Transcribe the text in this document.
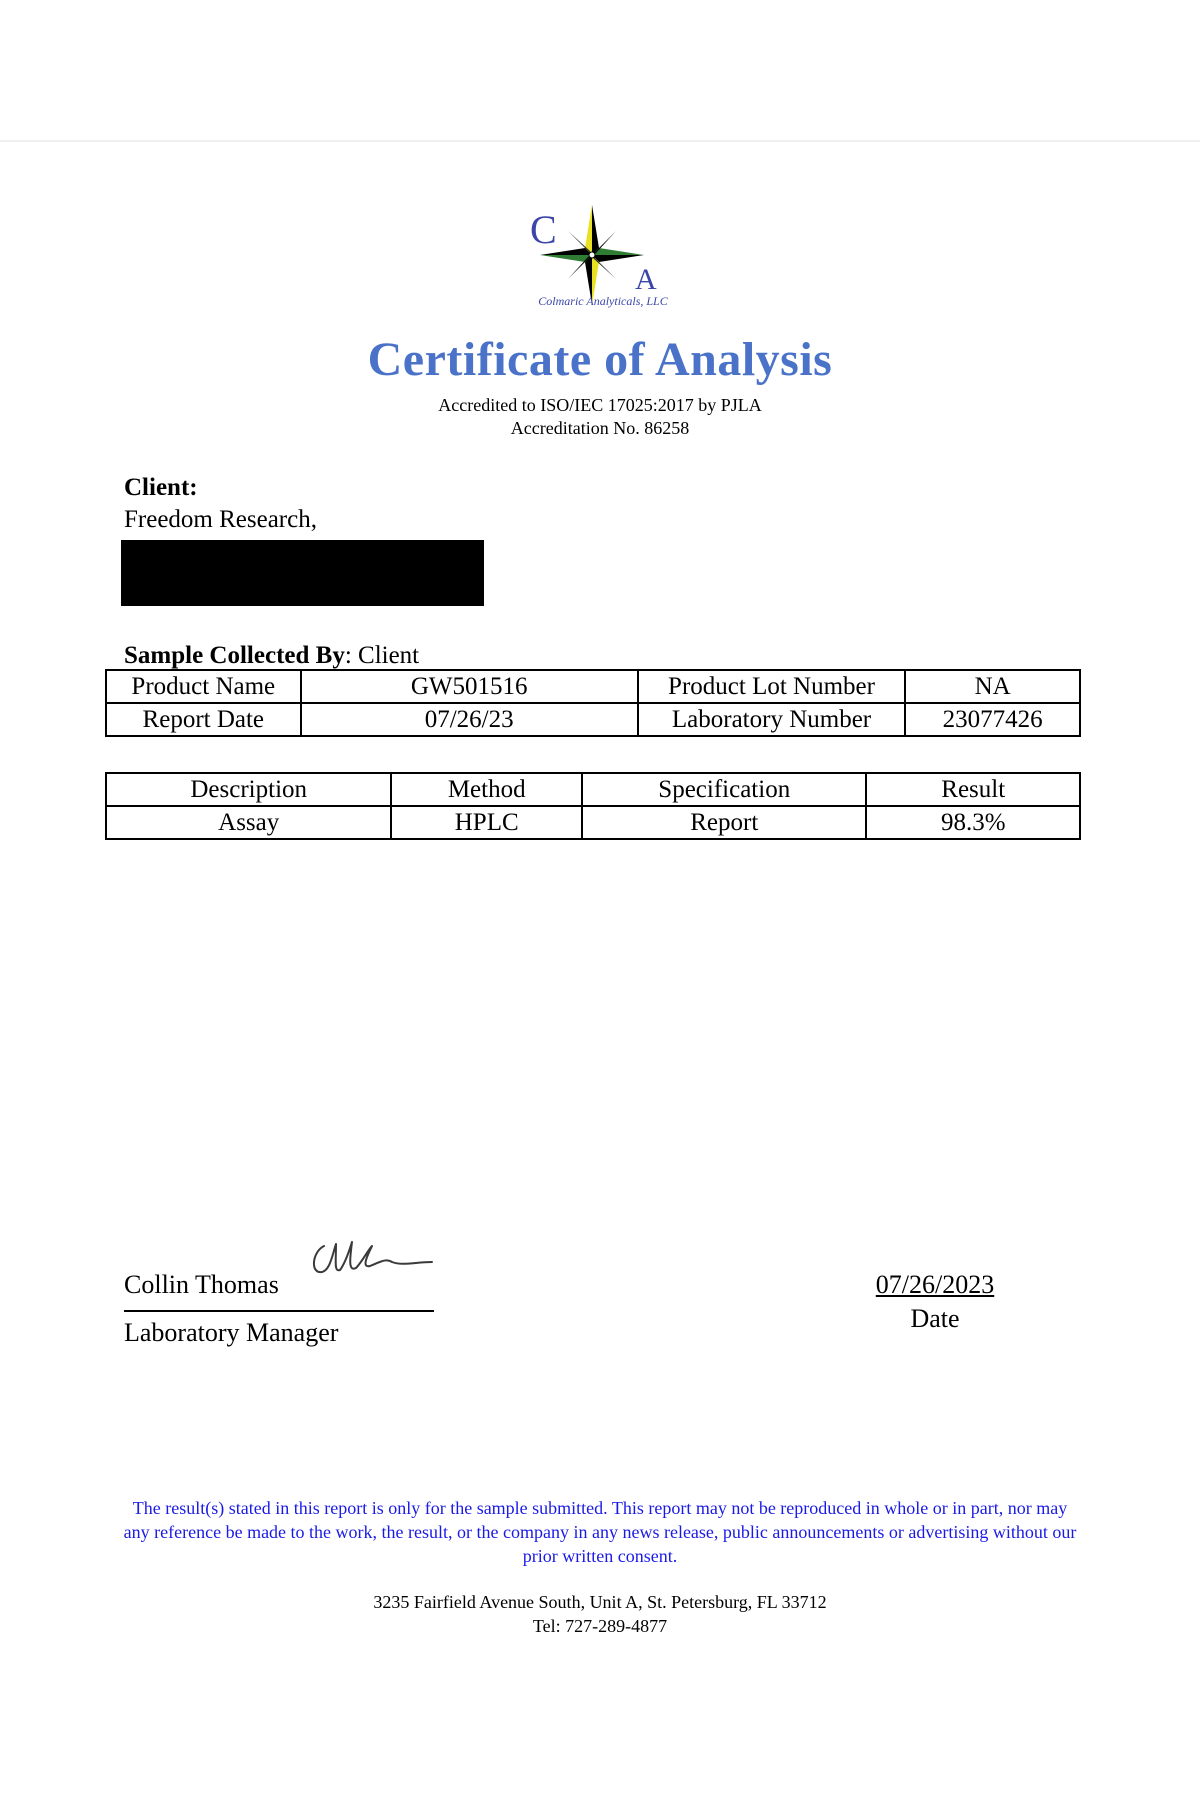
C
A
Colmaric Analyticals, LLC
Certificate of Analysis
Accredited to ISO/IEC 17025:2017 by PJLA
Accreditation No. 86258
Client:
Freedom Research,
Sample Collected By: Client
Product Name	GW501516	Product Lot Number	NA
Report Date	07/26/23	Laboratory Number	23077426
Description	Method	Specification	Result
Assay	HPLC	Report	98.3%
Collin Thomas
Laboratory Manager
07/26/2023
Date
The result(s) stated in this report is only for the sample submitted. This report may not be reproduced in whole or in part, nor may any reference be made to the work, the result, or the company in any news release, public announcements or advertising without our prior written consent.
3235 Fairfield Avenue South, Unit A, St. Petersburg, FL 33712
Tel: 727-289-4877
